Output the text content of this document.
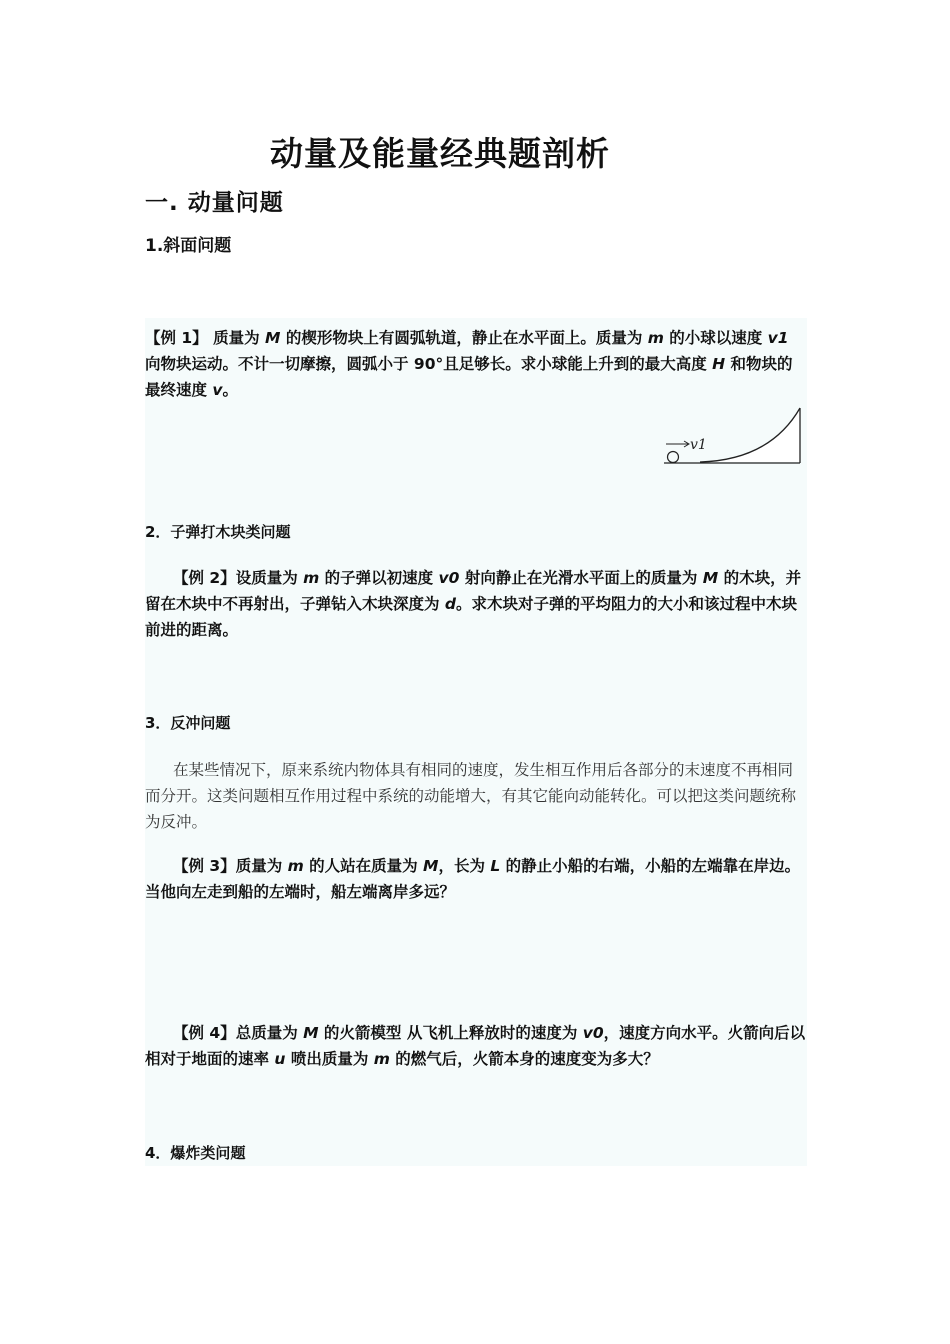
动量及能量经典题剖析
一. 动量问题
1.斜面问题
【例 1】 质量为 M 的楔形物块上有圆弧轨道，静止在水平面上。质量为 m 的小球以速度 v1 向物块运动。不计一切摩擦，圆弧小于 90°且足够长。求小球能上升到的最大高度 H 和物块的最终速度 v。
v1
2．子弹打木块类问题
【例 2】设质量为 m 的子弹以初速度 v0 射向静止在光滑水平面上的质量为 M 的木块，并留在木块中不再射出，子弹钻入木块深度为 d。求木块对子弹的平均阻力的大小和该过程中木块前进的距离。
3．反冲问题
在某些情况下，原来系统内物体具有相同的速度，发生相互作用后各部分的末速度不再相同而分开。这类问题相互作用过程中系统的动能增大，有其它能向动能转化。可以把这类问题统称为反冲。
【例 3】质量为 m 的人站在质量为 M，长为 L 的静止小船的右端，小船的左端靠在岸边。当他向左走到船的左端时，船左端离岸多远？
【例 4】总质量为 M 的火箭模型 从飞机上释放时的速度为 v0，速度方向水平。火箭向后以相对于地面的速率 u 喷出质量为 m 的燃气后，火箭本身的速度变为多大？
4．爆炸类问题
